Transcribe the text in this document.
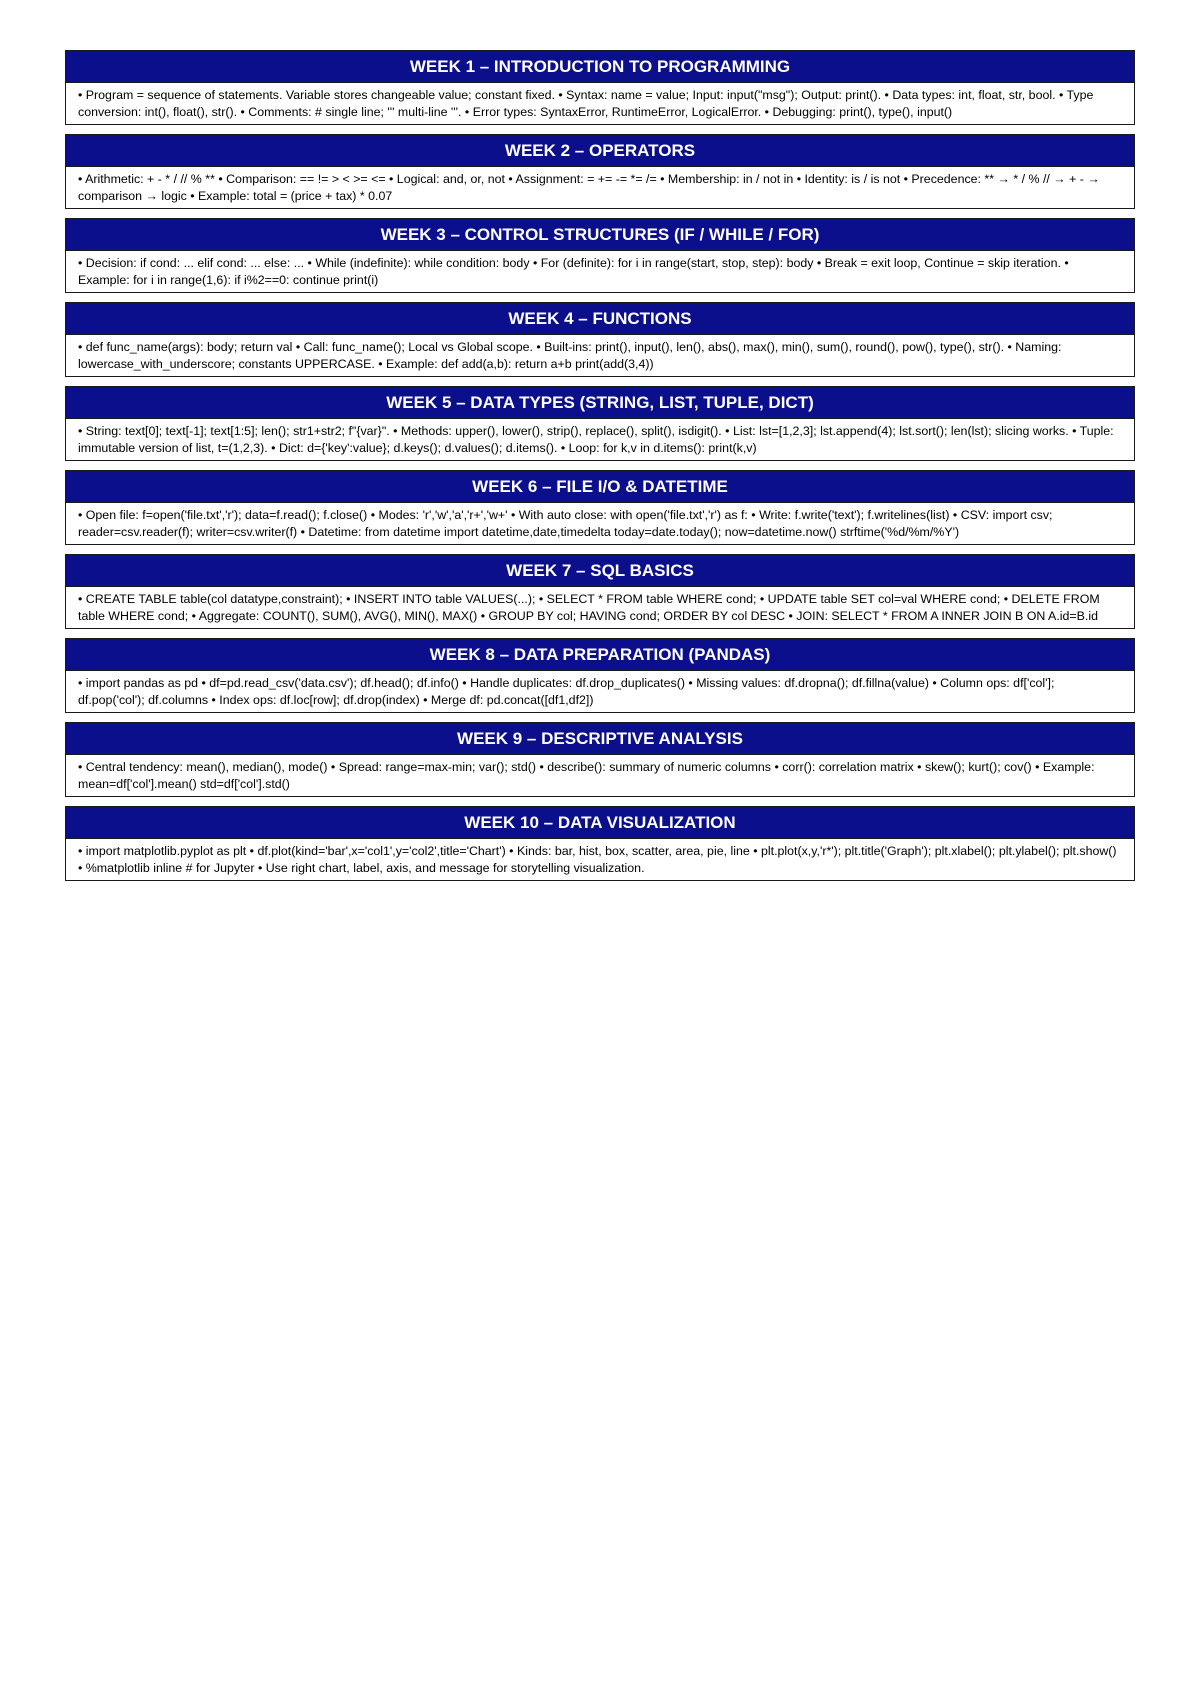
WEEK 1 – INTRODUCTION TO PROGRAMMING
• Program = sequence of statements. Variable stores changeable value; constant fixed. • Syntax: name = value; Input: input("msg"); Output: print(). • Data types: int, float, str, bool. • Type conversion: int(), float(), str(). • Comments: # single line; ''' multi-line '''. • Error types: SyntaxError, RuntimeError, LogicalError. • Debugging: print(), type(), input()
WEEK 2 – OPERATORS
• Arithmetic: + - * / // % ** • Comparison: == != > < >= <= • Logical: and, or, not • Assignment: = += -= *= /= • Membership: in / not in • Identity: is / is not • Precedence: ** → * / % // → + - → comparison → logic • Example: total = (price + tax) * 0.07
WEEK 3 – CONTROL STRUCTURES (IF / WHILE / FOR)
• Decision: if cond: ... elif cond: ... else: ... • While (indefinite): while condition: body • For (definite): for i in range(start, stop, step): body • Break = exit loop, Continue = skip iteration. • Example: for i in range(1,6): if i%2==0: continue print(i)
WEEK 4 – FUNCTIONS
• def func_name(args): body; return val • Call: func_name(); Local vs Global scope. • Built-ins: print(), input(), len(), abs(), max(), min(), sum(), round(), pow(), type(), str(). • Naming: lowercase_with_underscore; constants UPPERCASE. • Example: def add(a,b): return a+b print(add(3,4))
WEEK 5 – DATA TYPES (STRING, LIST, TUPLE, DICT)
• String: text[0]; text[-1]; text[1:5]; len(); str1+str2; f"{var}". • Methods: upper(), lower(), strip(), replace(), split(), isdigit(). • List: lst=[1,2,3]; lst.append(4); lst.sort(); len(lst); slicing works. • Tuple: immutable version of list, t=(1,2,3). • Dict: d={'key':value}; d.keys(); d.values(); d.items(). • Loop: for k,v in d.items(): print(k,v)
WEEK 6 – FILE I/O & DATETIME
• Open file: f=open('file.txt','r'); data=f.read(); f.close() • Modes: 'r','w','a','r+','w+' • With auto close: with open('file.txt','r') as f: • Write: f.write('text'); f.writelines(list) • CSV: import csv; reader=csv.reader(f); writer=csv.writer(f) • Datetime: from datetime import datetime,date,timedelta today=date.today(); now=datetime.now() strftime('%d/%m/%Y')
WEEK 7 – SQL BASICS
• CREATE TABLE table(col datatype,constraint); • INSERT INTO table VALUES(...); • SELECT * FROM table WHERE cond; • UPDATE table SET col=val WHERE cond; • DELETE FROM table WHERE cond; • Aggregate: COUNT(), SUM(), AVG(), MIN(), MAX() • GROUP BY col; HAVING cond; ORDER BY col DESC • JOIN: SELECT * FROM A INNER JOIN B ON A.id=B.id
WEEK 8 – DATA PREPARATION (PANDAS)
• import pandas as pd • df=pd.read_csv('data.csv'); df.head(); df.info() • Handle duplicates: df.drop_duplicates() • Missing values: df.dropna(); df.fillna(value) • Column ops: df['col']; df.pop('col'); df.columns • Index ops: df.loc[row]; df.drop(index) • Merge df: pd.concat([df1,df2])
WEEK 9 – DESCRIPTIVE ANALYSIS
• Central tendency: mean(), median(), mode() • Spread: range=max-min; var(); std() • describe(): summary of numeric columns • corr(): correlation matrix • skew(); kurt(); cov() • Example: mean=df['col'].mean() std=df['col'].std()
WEEK 10 – DATA VISUALIZATION
• import matplotlib.pyplot as plt • df.plot(kind='bar',x='col1',y='col2',title='Chart') • Kinds: bar, hist, box, scatter, area, pie, line • plt.plot(x,y,'r*'); plt.title('Graph'); plt.xlabel(); plt.ylabel(); plt.show() • %matplotlib inline # for Jupyter • Use right chart, label, axis, and message for storytelling visualization.
